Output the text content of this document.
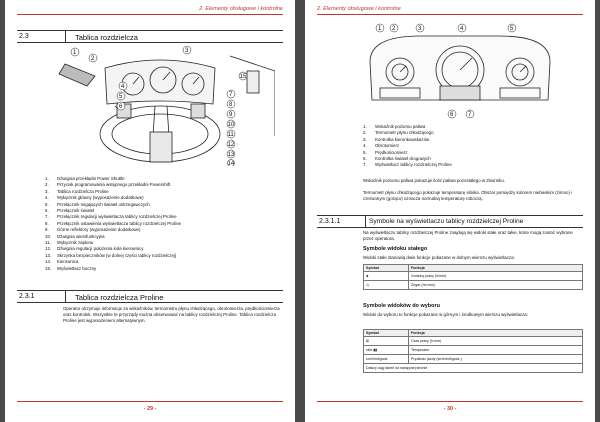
2. Elementy obsługowe i kontrolne
2.3	Tablica rozdzielcza
1
2
3
4
5
6
7
8
9
10
11
12
13
14
15
1.	Dźwignia przekładni Power Shuttle
2.	Przycisk programowania wstępnego przekładni Powershift
3.	Tablica rozdzielcza Proline
4.	Wyłącznik główny (wyposażenie dodatkowe)
5.	Przełącznik migających świateł ostrzegawczych
6.	Przełącznik świateł
7.	Przełącznik regulacji wyświetlacza tablicy rozdzielczej Proline
8.	Przełącznik ustawienia wyświetlacza tablicy rozdzielczej Proline
9.	Górne reflektory (wyposażenie dodatkowe)
10.	Dźwignia wielofunkcyjna
11.	Wyłącznik zapłonu
12.	Dźwignia regulacji położenia koła kierownicy
13.	Skrzynka bezpieczników (w dolnej części tablicy rozdzielczej)
14.	Kierownica
15.	Wyświetlacz boczny
2.3.1	Tablica rozdzielcza Proline
Operator otrzymuje informacje za wskaźników, termometru płynu chłodzącego, obrotomierza, prędkościomierza oraz kontrolek. Wszystkie te przyrządy można obserwować na tablicy rozdzielczej Proline. Tablica rozdzielcza Proline jest wyposażeniem alternatywnym.
- 29 -
2. Elementy obsługowe i kontrolne
1 2	3	4	5
6 7
1.	Wskaźnik poziomu paliwa
2.	Termometr płynu chłodzącego
3.	Kontrolka kierunkowskazów
4.	Obrotomierz
5.	Prędkościomierz
6.	Kontrolka świateł drogowych
7.	Wyświetlacz tablicy rozdzielczej Proline
Wskaźnik poziomu paliwa pokazuje ilość paliwa pozostałego w zbiorniku.
Termometr płynu chłodzącego pokazuje temperaturę silnika. Obszar pomiędzy kolorem niebieskim (zimno) i czerwonym (gorąco) oznacza normalną temperaturę roboczą.
2.3.1.1	Symbole na wyświetlaczu tablicy rozdzielczej Proline
Na wyświetlaczu tablicy rozdzielczej Proline znajdują się widoki stałe oraz takie, które mogą zostać wybrane przez operatora.
Symbole widoku stałego
Widoki stałe stanowią dwie funkcje pokazane w dolnym wierszu wyświetlacza:
Symbol	Funkcja
⧗	Godziny pracy (h/min)
◷	Zegar (hh:mm)
Symbole widoków do wyboru
Widoki do wyboru to funkcje pokazane w górnym i środkowym wierszu wyświetlacza:
Symbol	Funkcja
⊠	Czas pracy (h:mm)
rate ▮▮	Temperatur
km/h/ml/godz.	Prędkość jazdy (km/h/mil/godz.)
Dalszy ciąg tabeli na następnej stronie	
- 30 -
